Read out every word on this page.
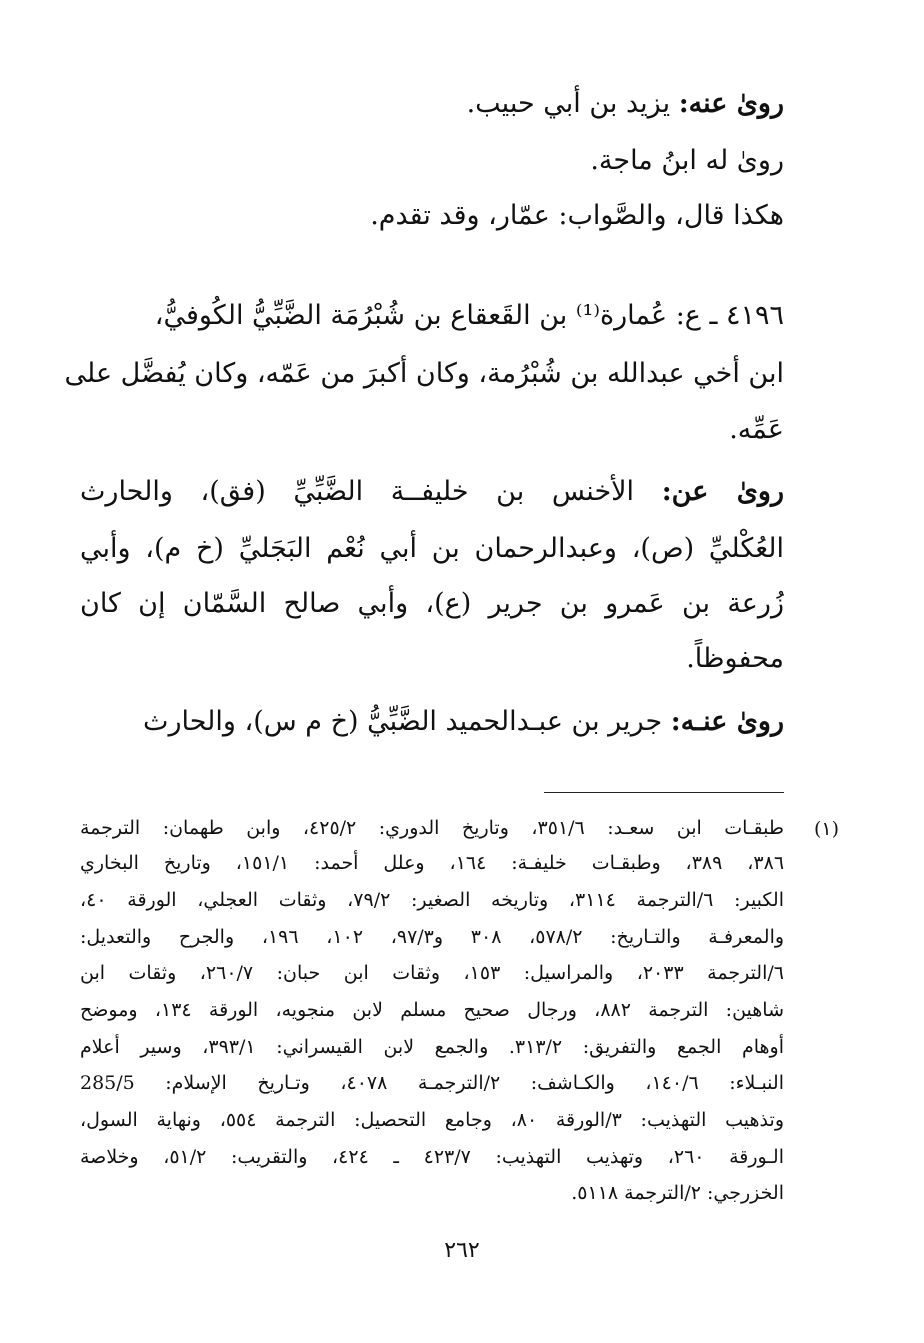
روىٰ عنه: يزيد بن أبي حبيب.
روىٰ له ابنُ ماجة.
هكذا قال، والصَّواب: عمّار، وقد تقدم.
٤١٩٦ ـ ع: عُمارة⁽¹⁾ بن القَعقاع بن شُبْرُمَة الضَّبِّيُّ الكُوفيُّ،
ابن أخي عبدالله بن شُبْرُمة، وكان أكبرَ من عَمّه، وكان يُفضَّل على
عَمِّه.
روىٰ عن: الأخنس بن خليفــة الضَّبِّيِّ (فق)، والحارث
العُكْليِّ (ص)، وعبدالرحمان بن أبي نُعْم البَجَليِّ (خ م)، وأبي
زُرعة بن عَمرو بن جرير (ع)، وأبي صالح السَّمّان إن كان
محفوظاً.
روىٰ عنـه: جرير بن عبـدالحميد الضَّبِّيُّ (خ م س)، والحارث
(١)
طبقـات ابن سعـد: ٣٥١/٦، وتاريخ الدوري: ٤٢٥/٢، وابن طهمان: الترجمة
٣٨٦، ٣٨٩، وطبقـات خليفـة: ١٦٤، وعلل أحمد: ١٥١/١، وتاريخ البخاري
الكبير: ٦/الترجمة ٣١١٤، وتاريخه الصغير: ٧٩/٢، وثقات العجلي، الورقة ٤٠،
والمعرفـة والتـاريخ: ٥٧٨/٢، ٣٠٨ و٩٧/٣، ١٠٢، ١٩٦، والجرح والتعديل:
٦/الترجمة ٢٠٣٣، والمراسيل: ١٥٣، وثقات ابن حبان: ٢٦٠/٧، وثقات ابن
شاهين: الترجمة ٨٨٢، ورجال صحيح مسلم لابن منجويه، الورقة ١٣٤، وموضح
أوهام الجمع والتفريق: ٣١٣/٢. والجمع لابن القيسراني: ٣٩٣/١، وسير أعلام
النبـلاء: ١٤٠/٦، والكـاشف: ٢/الترجمـة ٤٠٧٨، وتـاريخ الإسلام: 285/5
وتذهيب التهذيب: ٣/الورقة ٨٠، وجامع التحصيل: الترجمة ٥٥٤، ونهاية السول،
الـورقة ٢٦٠، وتهذيب التهذيب: ٤٢٣/٧ ـ ٤٢٤، والتقريب: ٥١/٢، وخلاصة
الخزرجي: ٢/الترجمة ٥١١٨.
٢٦٢
